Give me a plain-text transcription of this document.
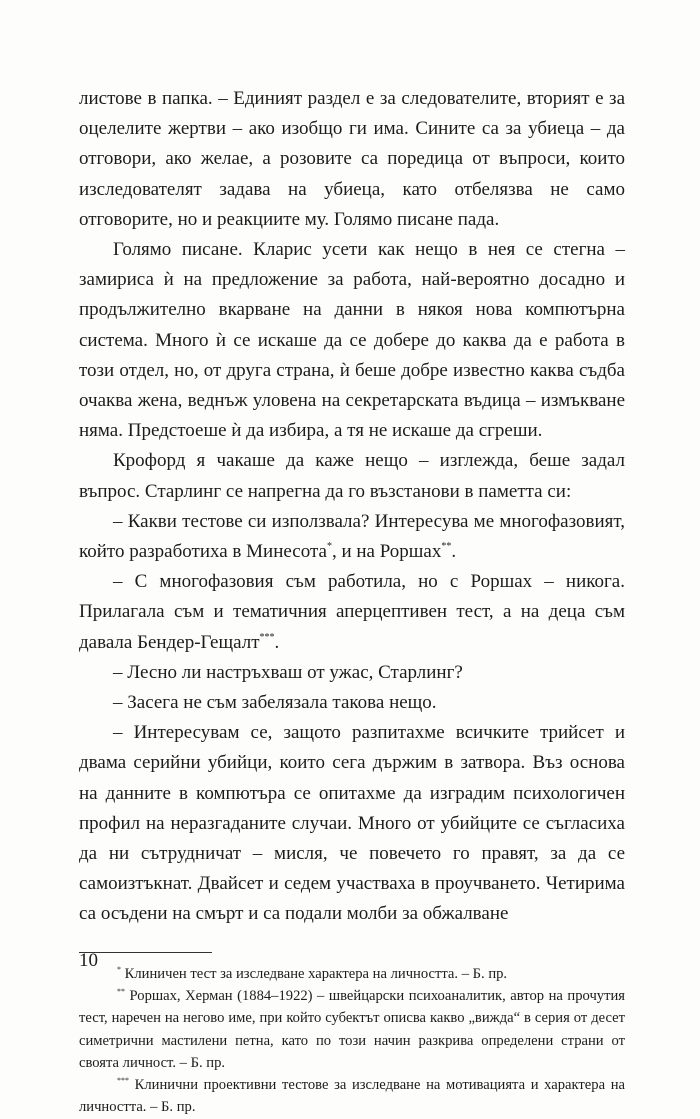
листове в папка. – Единият раздел е за следователите, вторият е за оцелелите жертви – ако изобщо ги има. Сините са за убиеца – да отговори, ако желае, а розовите са поредица от въпроси, които изследователят задава на убиеца, като отбелязва не само отговорите, но и реакциите му. Голямо писане пада.

Голямо писане. Кларис усети как нещо в нея се стегна – замириса ѝ на предложение за работа, най-вероятно досадно и продължително вкарване на данни в някоя нова компютърна система. Много ѝ се искаше да се добере до каква да е работа в този отдел, но, от друга страна, ѝ беше добре известно каква съдба очаква жена, веднъж уловена на секретарската въдица – измъкване няма. Предстоеше ѝ да избира, а тя не искаше да сгреши.

Крофорд я чакаше да каже нещо – изглежда, беше задал въпрос. Старлинг се напрегна да го възстанови в паметта си:

– Какви тестове си използвала? Интересува ме многофазовият, който разработиха в Минесота*, и на Роршах**.

– С многофазовия съм работила, но с Роршах – никога. Прилагала съм и тематичния аперцептивен тест, а на деца съм давала Бендер-Гещалт***.

– Лесно ли настръхваш от ужас, Старлинг?

– Засега не съм забелязала такова нещо.

– Интересувам се, защото разпитахме всичките трийсет и двама серийни убийци, които сега държим в затвора. Въз основа на данните в компютъра се опитахме да изградим психологичен профил на неразгаданите случаи. Много от убийците се съгласиха да ни сътрудничат – мисля, че повечето го правят, за да се самоизтъкнат. Двайсет и седем участваха в проучването. Четирима са осъдени на смърт и са подали молби за обжалване

* Клиничен тест за изследване характера на личността. – Б. пр.

** Роршах, Херман (1884–1922) – швейцарски психоаналитик, автор на прочутия тест, наречен на негово име, при който субектът описва какво „вижда“ в серия от десет симетрични мастилени петна, като по този начин разкрива определени страни от своята личност. – Б. пр.

*** Клинични проективни тестове за изследване на мотивацията и характера на личността. – Б. пр.

10
